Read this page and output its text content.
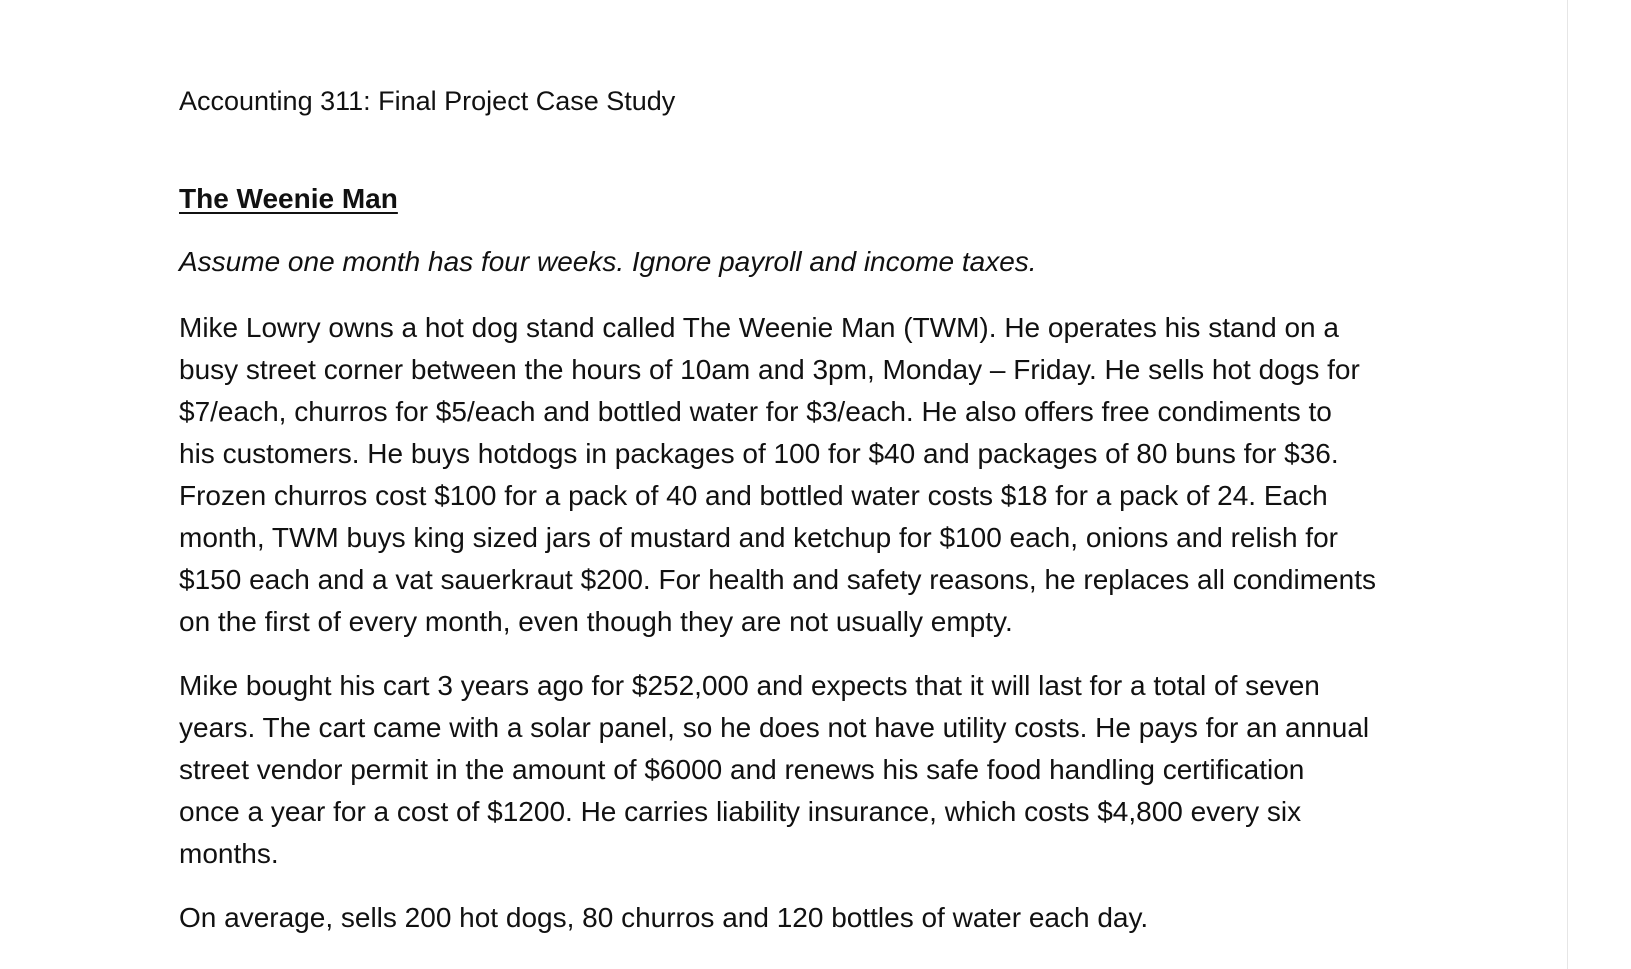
Accounting 311: Final Project Case Study

The Weenie Man

Assume one month has four weeks. Ignore payroll and income taxes.

Mike Lowry owns a hot dog stand called The Weenie Man (TWM). He operates his stand on a
busy street corner between the hours of 10am and 3pm, Monday – Friday. He sells hot dogs for
$7/each, churros for $5/each and bottled water for $3/each. He also offers free condiments to
his customers. He buys hotdogs in packages of 100 for $40 and packages of 80 buns for $36.
Frozen churros cost $100 for a pack of 40 and bottled water costs $18 for a pack of 24. Each
month, TWM buys king sized jars of mustard and ketchup for $100 each, onions and relish for
$150 each and a vat sauerkraut $200. For health and safety reasons, he replaces all condiments
on the first of every month, even though they are not usually empty.

Mike bought his cart 3 years ago for $252,000 and expects that it will last for a total of seven
years. The cart came with a solar panel, so he does not have utility costs. He pays for an annual
street vendor permit in the amount of $6000 and renews his safe food handling certification
once a year for a cost of $1200. He carries liability insurance, which costs $4,800 every six
months.

On average, sells 200 hot dogs, 80 churros and 120 bottles of water each day.
